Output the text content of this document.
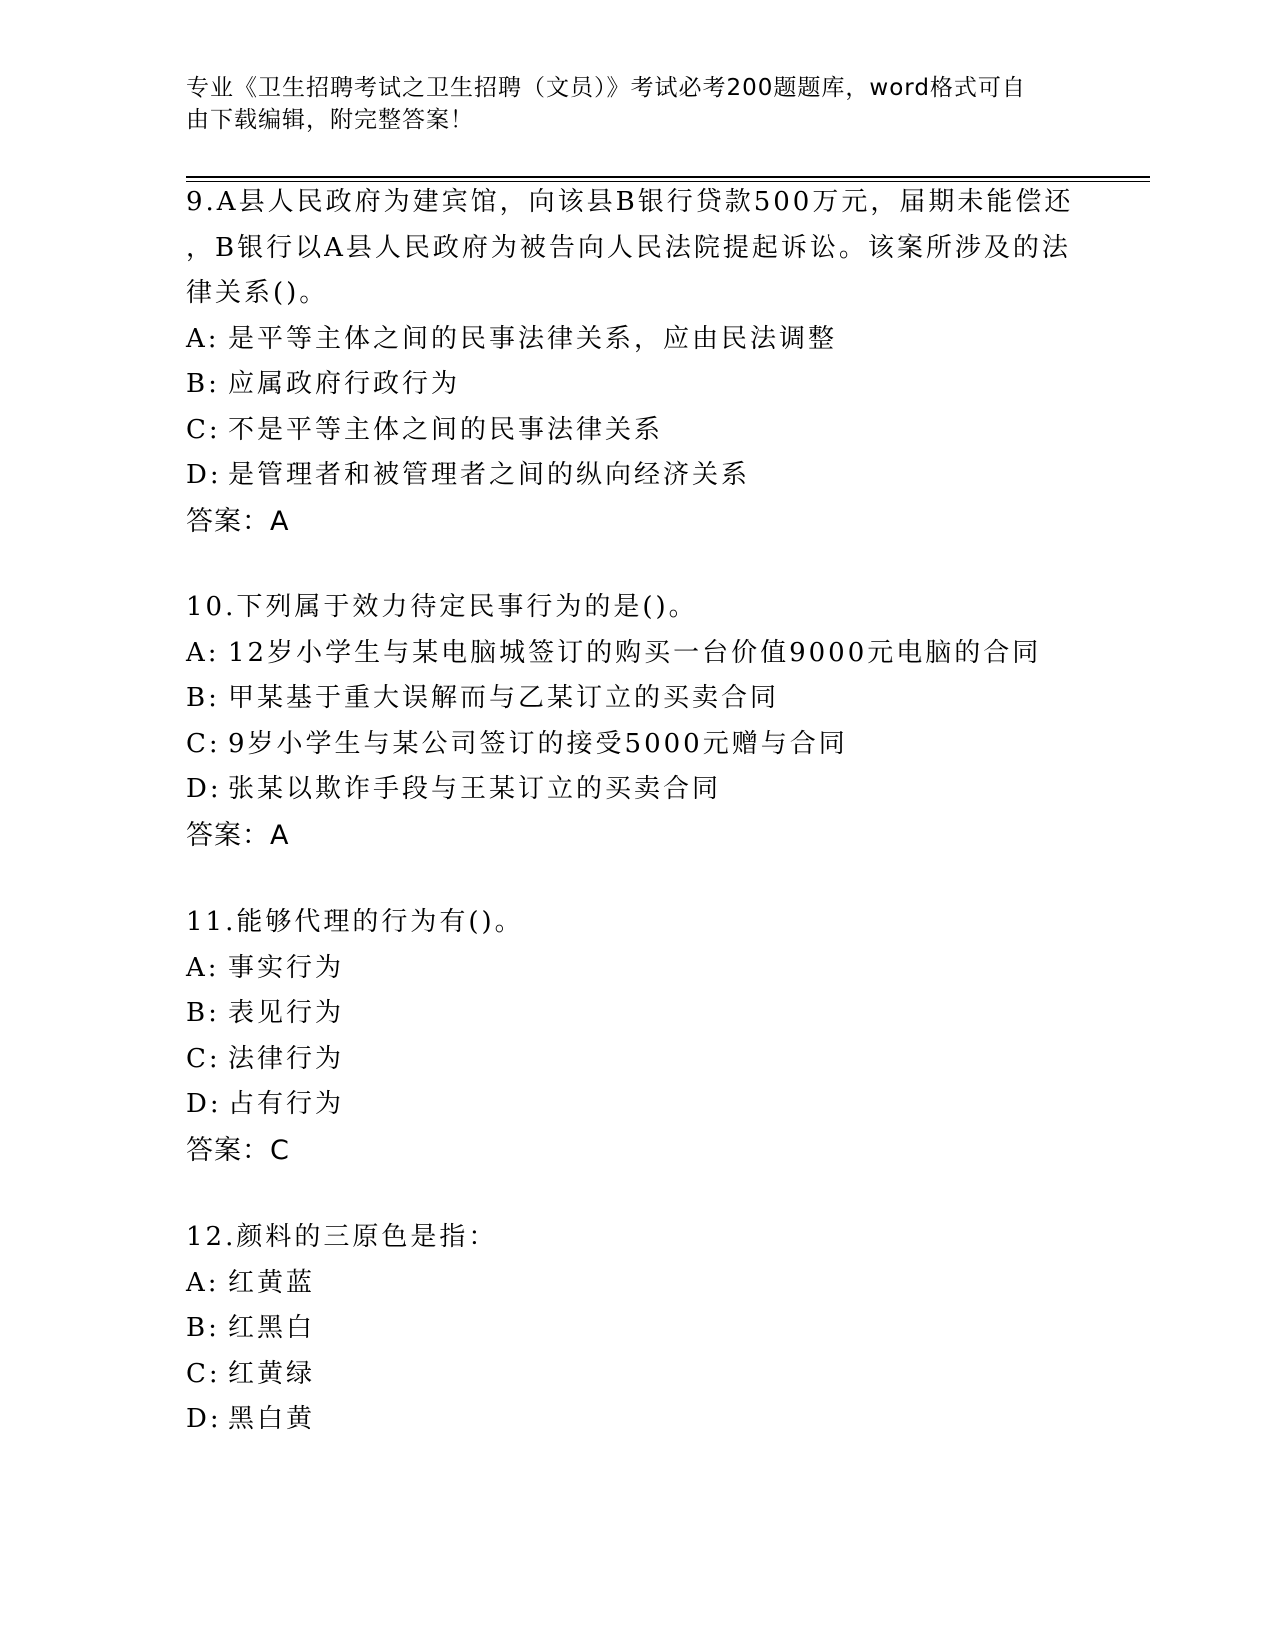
专业《卫生招聘考试之卫生招聘（文员）》考试必考200题题库，word格式可自
由下载编辑，附完整答案！

9.A县人民政府为建宾馆，向该县B银行贷款500万元，届期未能偿还

，B银行以A县人民政府为被告向人民法院提起诉讼。该案所涉及的法

律关系()。

A: 是平等主体之间的民事法律关系，应由民法调整

B: 应属政府行政行为

C: 不是平等主体之间的民事法律关系

D: 是管理者和被管理者之间的纵向经济关系

答案：A

10.下列属于效力待定民事行为的是()。

A: 12岁小学生与某电脑城签订的购买一台价值9000元电脑的合同

B: 甲某基于重大误解而与乙某订立的买卖合同

C: 9岁小学生与某公司签订的接受5000元赠与合同

D: 张某以欺诈手段与王某订立的买卖合同

答案：A

11.能够代理的行为有()。

A: 事实行为

B: 表见行为

C: 法律行为

D: 占有行为

答案：C

12.颜料的三原色是指：

A: 红黄蓝

B: 红黑白

C: 红黄绿

D: 黑白黄
